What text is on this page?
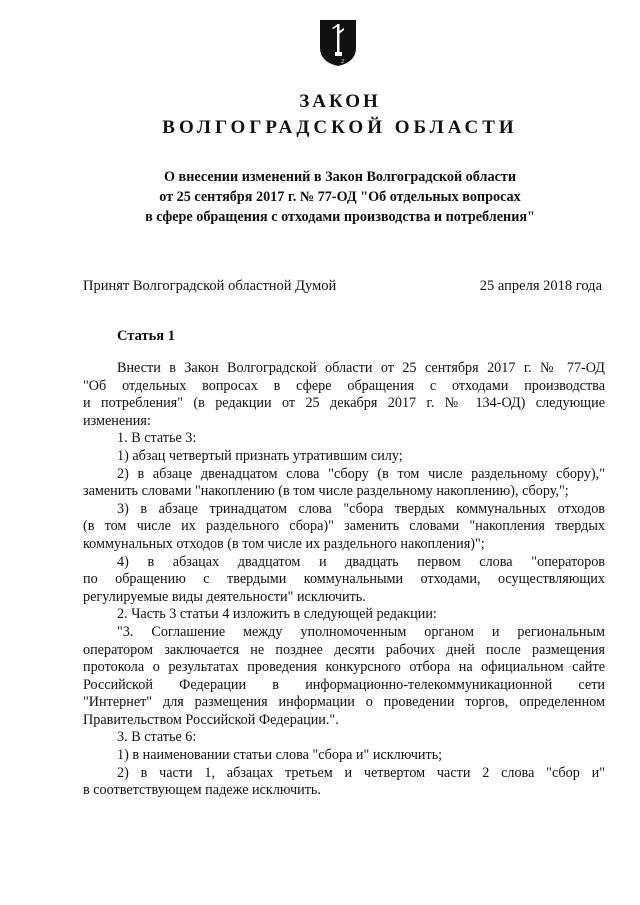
2
ЗАКОН
ВОЛГОГРАДСКОЙ ОБЛАСТИ
О внесении изменений в Закон Волгоградской области
от 25 сентября 2017 г. № 77-ОД "Об отдельных вопросах
в сфере обращения с отходами производства и потребления"
Принят Волгоградской областной Думой	25 апреля 2018 года
Статья 1
Внести в Закон Волгоградской области от 25 сентября 2017 г. № 77-ОД
"Об отдельных вопросах в сфере обращения с отходами производства
и потребления" (в редакции от 25 декабря 2017 г. № 134-ОД) следующие
изменения:
1. В статье 3:
1) абзац четвертый признать утратившим силу;
2) в абзаце двенадцатом слова "сбору (в том числе раздельному сбору),"
заменить словами "накоплению (в том числе раздельному накоплению), сбору,";
3) в абзаце тринадцатом слова "сбора твердых коммунальных отходов
(в том числе их раздельного сбора)" заменить словами "накопления твердых
коммунальных отходов (в том числе их раздельного накопления)";
4) в абзацах двадцатом и двадцать первом слова "операторов
по обращению с твердыми коммунальными отходами, осуществляющих
регулируемые виды деятельности" исключить.
2. Часть 3 статьи 4 изложить в следующей редакции:
"3. Соглашение между уполномоченным органом и региональным
оператором заключается не позднее десяти рабочих дней после размещения
протокола о результатах проведения конкурсного отбора на официальном сайте
Российской Федерации в информационно-телекоммуникационной сети
"Интернет" для размещения информации о проведении торгов, определенном
Правительством Российской Федерации.".
3. В статье 6:
1) в наименовании статьи слова "сбора и" исключить;
2) в части 1, абзацах третьем и четвертом части 2 слова "сбор и"
в соответствующем падеже исключить.
